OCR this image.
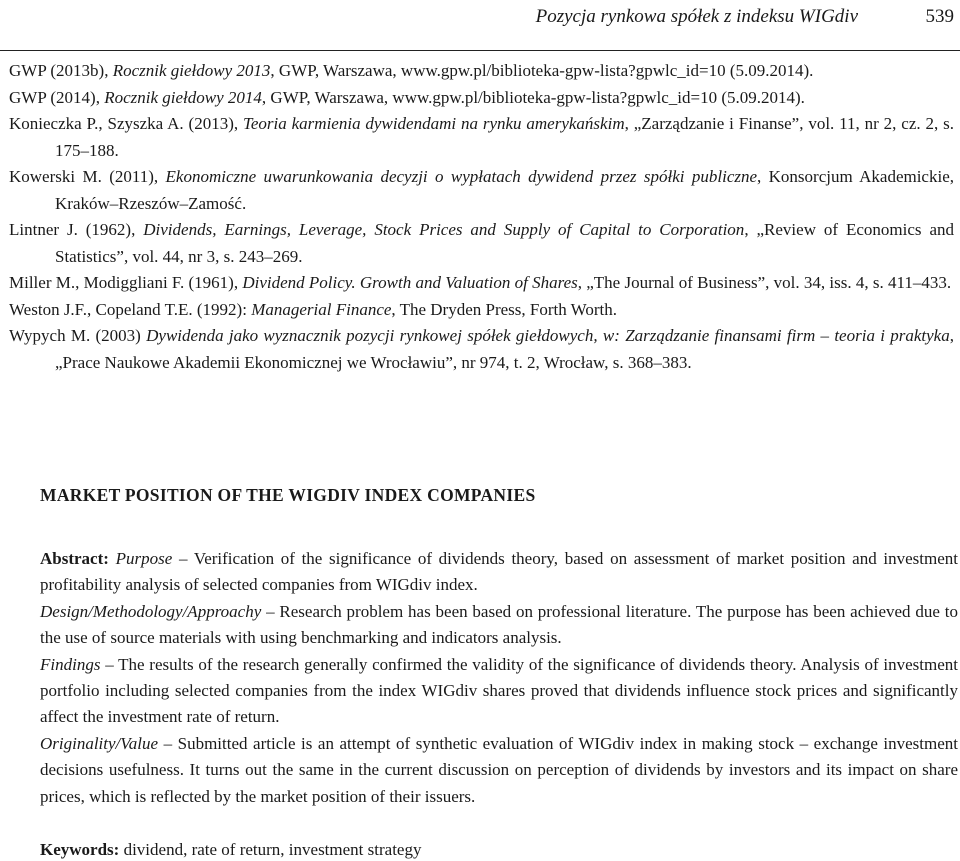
Pozycja rynkowa spółek z indeksu WIGdiv	539
GWP (2013b), Rocznik giełdowy 2013, GWP, Warszawa, www.gpw.pl/biblioteka-gpw-lista?gpwlc_id=10 (5.09.2014).
GWP (2014), Rocznik giełdowy 2014, GWP, Warszawa, www.gpw.pl/biblioteka-gpw-lista?gpwlc_id=10 (5.09.2014).
Konieczka P., Szyszka A. (2013), Teoria karmienia dywidendami na rynku amerykańskim, „Zarządzanie i Finanse”, vol. 11, nr 2, cz. 2, s. 175–188.
Kowerski M. (2011), Ekonomiczne uwarunkowania decyzji o wypłatach dywidend przez spółki publiczne, Konsorcjum Akademickie, Kraków–Rzeszów–Zamość.
Lintner J. (1962), Dividends, Earnings, Leverage, Stock Prices and Supply of Capital to Corporation, „Review of Economics and Statistics”, vol. 44, nr 3, s. 243–269.
Miller M., Modiggliani F. (1961), Dividend Policy. Growth and Valuation of Shares, „The Journal of Business”, vol. 34, iss. 4, s. 411–433.
Weston J.F., Copeland T.E. (1992): Managerial Finance, The Dryden Press, Forth Worth.
Wypych M. (2003) Dywidenda jako wyznacznik pozycji rynkowej spółek giełdowych, w: Zarządzanie finansami firm – teoria i praktyka, „Prace Naukowe Akademii Ekonomicznej we Wrocławiu”, nr 974, t. 2, Wrocław, s. 368–383.
MARKET POSITION OF THE WIGDIV INDEX COMPANIES

Abstract: Purpose – Verification of the significance of dividends theory, based on assessment of market position and investment profitability analysis of selected companies from WIGdiv index.

Design/Methodology/Approachy – Research problem has been based on professional literature. The purpose has been achieved due to the use of source materials with using benchmarking and indicators analysis.

Findings – The results of the research generally confirmed the validity of the significance of dividends theory. Analysis of investment portfolio including selected companies from the index WIGdiv shares proved that dividends influence stock prices and significantly affect the investment rate of return.

Originality/Value – Submitted article is an attempt of synthetic evaluation of WIGdiv index in making stock – exchange investment decisions usefulness. It turns out the same in the current discussion on perception of dividends by investors and its impact on share prices, which is reflected by the market position of their issuers.

Keywords: dividend, rate of return, investment strategy
